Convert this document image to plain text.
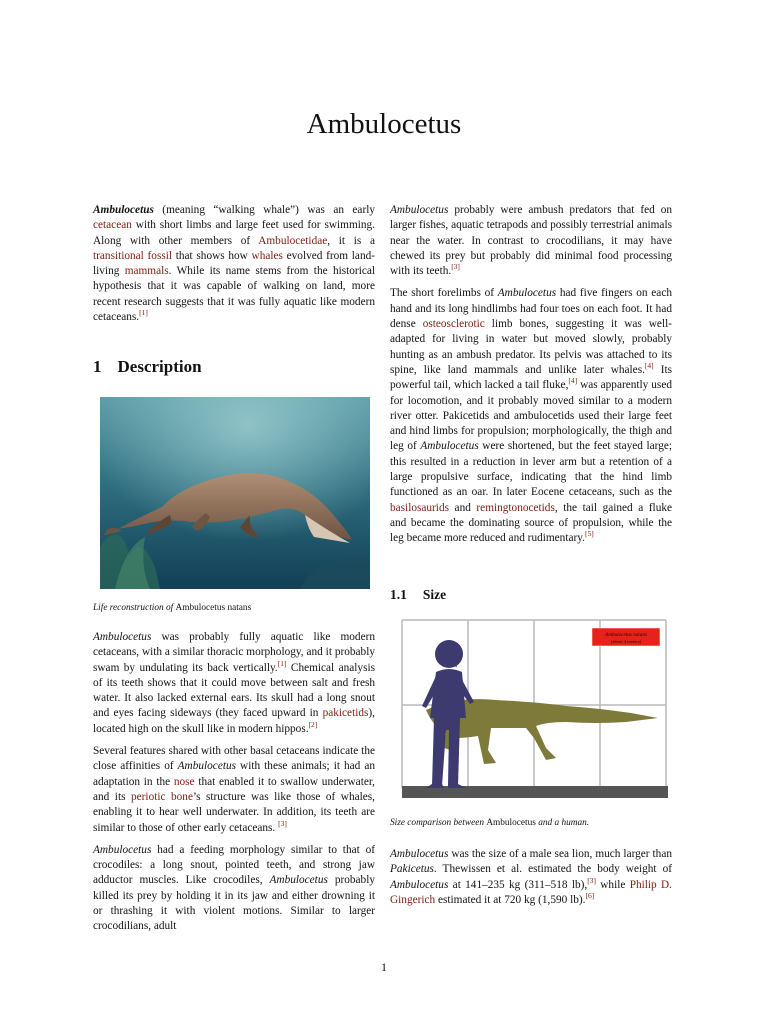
Ambulocetus

Ambulocetus (meaning “walking whale”) was an early cetacean with short limbs and large feet used for swimming. Along with other members of Ambulocetidae, it is a transitional fossil that shows how whales evolved from land-living mammals. While its name stems from the historical hypothesis that it was capable of walking on land, more recent research suggests that it was fully aquatic like modern cetaceans.[1]

1 Description
Life reconstruction of Ambulocetus natans

Ambulocetus was probably fully aquatic like modern cetaceans, with a similar thoracic morphology, and it probably swam by undulating its back vertically.[1] Chemical analysis of its teeth shows that it could move between salt and fresh water. It also lacked external ears. Its skull had a long snout and eyes facing sideways (they faced upward in pakicetids), located high on the skull like in modern hippos.[2]

Several features shared with other basal cetaceans indicate the close affinities of Ambulocetus with these animals; it had an adaptation in the nose that enabled it to swallow underwater, and its periotic bone’s structure was like those of whales, enabling it to hear well underwater. In addition, its teeth are similar to those of other early cetaceans. [3]

Ambulocetus had a feeding morphology similar to that of crocodiles: a long snout, pointed teeth, and strong jaw adductor muscles. Like crocodiles, Ambulocetus probably killed its prey by holding it in its jaw and either drowning it or thrashing it with violent motions. Similar to larger crocodilians, adult

Ambulocetus probably were ambush predators that fed on larger fishes, aquatic tetrapods and possibly terrestrial animals near the water. In contrast to crocodilians, it may have chewed its prey but probably did minimal food processing with its teeth.[3]

The short forelimbs of Ambulocetus had five fingers on each hand and its long hindlimbs had four toes on each foot. It had dense osteosclerotic limb bones, suggesting it was well-adapted for living in water but moved slowly, probably hunting as an ambush predator. Its pelvis was attached to its spine, like land mammals and unlike later whales.[4] Its powerful tail, which lacked a tail fluke,[4] was apparently used for locomotion, and it probably moved similar to a modern river otter. Pakicetids and ambulocetids used their large feet and hind limbs for propulsion; morphologically, the thigh and leg of Ambulocetus were shortened, but the feet stayed large; this resulted in a reduction in lever arm but a retention of a large propulsive surface, indicating that the hind limb functioned as an oar. In later Eocene cetaceans, such as the basilosaurids and remingtonocetids, the tail gained a fluke and became the dominating source of propulsion, while the leg became more reduced and rudimentary.[5]

1.1 Size
Ambulocetus natans
(about 4 meters)
Size comparison between Ambulocetus and a human.

Ambulocetus was the size of a male sea lion, much larger than Pakicetus. Thewissen et al. estimated the body weight of Ambulocetus at 141–235 kg (311–518 lb),[3] while Philip D. Gingerich estimated it at 720 kg (1,590 lb).[6]

1
